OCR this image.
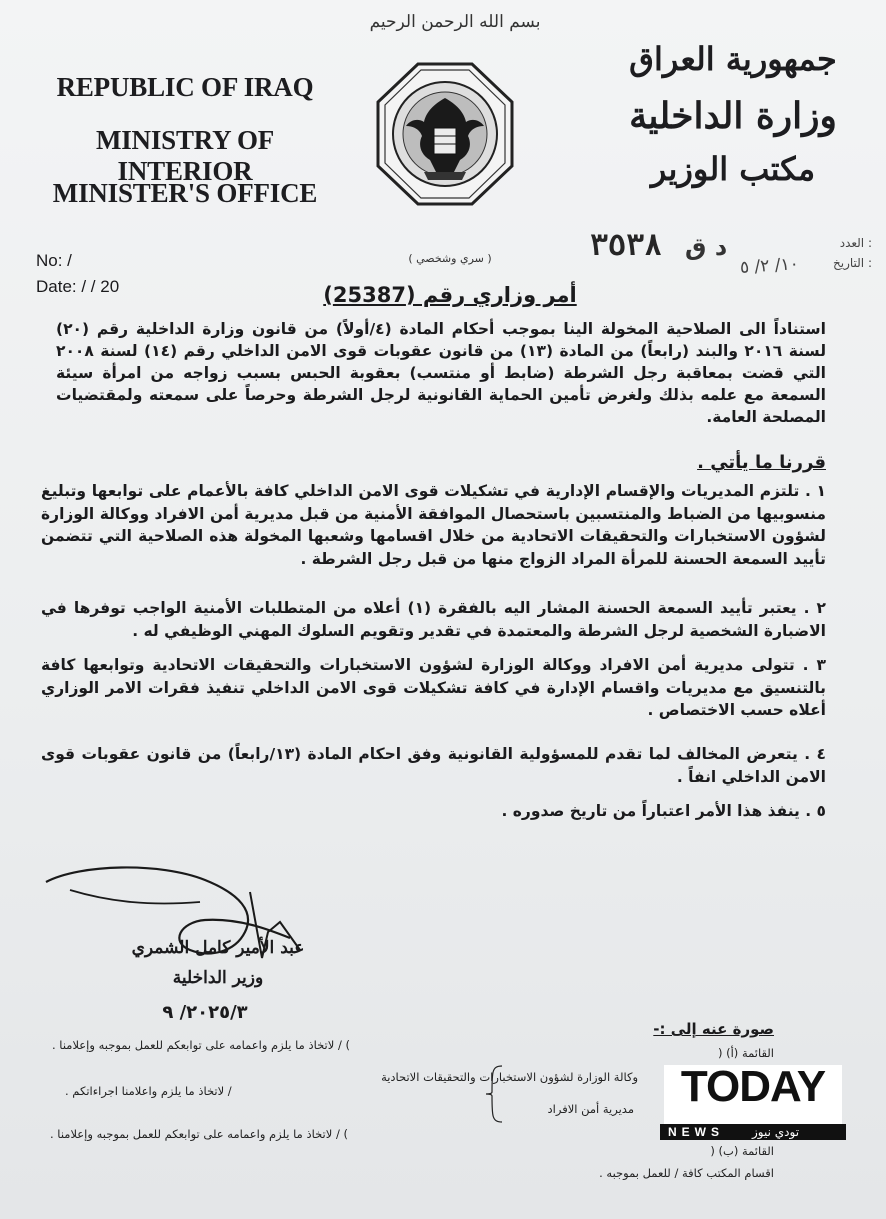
بسم الله الرحمن الرحيم
REPUBLIC OF IRAQ
MINISTRY OF INTERIOR
MINISTER'S OFFICE
جمهورية العراق
وزارة الداخلية
مكتب الوزير
No: /
Date: / / 20
العدد :
التاريخ :
٣٥٣٨ د ق
١٠/ ٢/ ٥
( سري وشخصي )
أمر وزاري رقم (25387)
استناداً الى الصلاحية المخولة الينا بموجب أحكام المادة (٤/أولاً) من قانون وزارة الداخلية رقم (٢٠) لسنة ٢٠١٦ والبند (رابعاً) من المادة (١٣) من قانون عقوبات قوى الامن الداخلي رقم (١٤) لسنة ٢٠٠٨ التي قضت بمعاقبة رجل الشرطة (ضابط أو منتسب) بعقوبة الحبس بسبب زواجه من امرأة سيئة السمعة مع علمه بذلك ولغرض تأمين الحماية القانونية لرجل الشرطة وحرصاً على سمعته ولمقتضيات المصلحة العامة.
قررنا ما يأتي .
١ . تلتزم المديريات والإقسام الإدارية في تشكيلات قوى الامن الداخلي كافة بالأعمام على توابعها وتبليغ منسوبيها من الضباط والمنتسبين باستحصال الموافقة الأمنية من قبل مديرية أمن الافراد ووكالة الوزارة لشؤون الاستخبارات والتحقيقات الاتحادية من خلال اقسامها وشعبها المخولة هذه الصلاحية التي تتضمن تأييد السمعة الحسنة للمرأة المراد الزواج منها من قبل رجل الشرطة .
٢ . يعتبر تأييد السمعة الحسنة المشار اليه بالفقرة (١) أعلاه من المتطلبات الأمنية الواجب توفرها في الاضبارة الشخصية لرجل الشرطة والمعتمدة في تقدير وتقويم السلوك المهني الوظيفي له .
٣ . تتولى مديرية أمن الافراد ووكالة الوزارة لشؤون الاستخبارات والتحقيقات الاتحادية وتوابعها كافة بالتنسيق مع مديريات واقسام الإدارة في كافة تشكيلات قوى الامن الداخلي تنفيذ فقرات الامر الوزاري أعلاه حسب الاختصاص .
٤ . يتعرض المخالف لما تقدم للمسؤولية القانونية وفق احكام المادة (١٣/رابعاً) من قانون عقوبات قوى الامن الداخلي انفاً .
٥ . ينفذ هذا الأمر اعتباراً من تاريخ صدوره .
عبد الأمير كامل الشمري
وزير الداخلية
٢٠٢٥/٣/ ٩
صورة عنه إلى :-
القائمة (أ) (
) / لاتخاذ ما يلزم واعمامه على توابعكم للعمل بموجبه وإعلامنا .
وكالة الوزارة لشؤون الاستخبارات والتحقيقات الاتحادية
مديرية أمن الافراد
/ لاتخاذ ما يلزم واعلامنا اجراءاتكم .
) / لاتخاذ ما يلزم واعمامه على توابعكم للعمل بموجبه وإعلامنا .
القائمة (ب) (
اقسام المكتب كافة / للعمل بموجبه .
TODAY
NEWS	تودي نيوز
